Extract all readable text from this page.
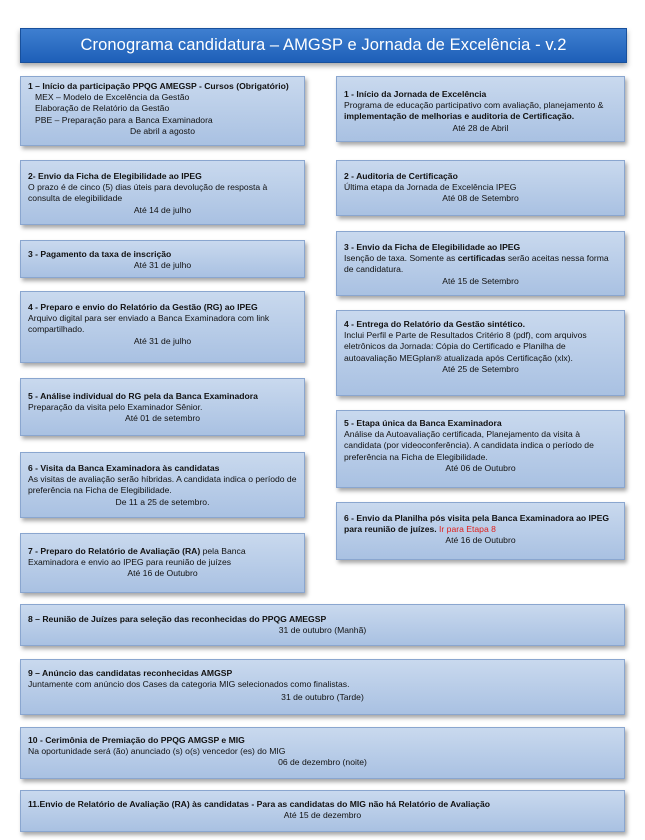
Cronograma candidatura – AMGSP e Jornada de Excelência - v.2
1 – Início da participação PPQG AMEGSP - Cursos (Obrigatório)
MEX – Modelo de Excelência da Gestão
Elaboração de Relatório da Gestão
PBE – Preparação para a Banca Examinadora
De abril a agosto
2- Envio da Ficha de Elegibilidade ao IPEG
O prazo é de cinco (5) dias úteis para devolução de resposta à consulta de elegibilidade
Até 14 de julho
3 - Pagamento da taxa de inscrição
Até 31 de julho
4 - Preparo e envio do Relatório da Gestão (RG) ao IPEG
Arquivo digital para ser enviado a Banca Examinadora com link compartilhado.
Até 31 de julho
5 - Análise individual do RG pela da Banca Examinadora
Preparação da visita pelo Examinador Sênior.
Até 01 de setembro
6 - Visita da Banca Examinadora às candidatas
As visitas de avaliação serão híbridas. A candidata indica o período de preferência na Ficha de Elegibilidade.
De 11 a 25 de setembro.
7 - Preparo do Relatório de Avaliação (RA) pela Banca Examinadora e envio ao IPEG para reunião de juízes
Até 16 de Outubro
1 - Início da Jornada de Excelência
Programa de educação participativo com avaliação, planejamento &
implementação de melhorias e auditoria de Certificação.
Até 28 de Abril
2 - Auditoria de Certificação
Última etapa da Jornada de Excelência IPEG
Até 08 de Setembro
3 - Envio da Ficha de Elegibilidade ao IPEG
Isenção de taxa. Somente as certificadas serão aceitas nessa forma de candidatura.
Até 15 de Setembro
4 - Entrega do Relatório da Gestão sintético.
Inclui Perfil e Parte de Resultados Critério 8 (pdf), com arquivos eletrônicos da Jornada: Cópia do Certificado e Planilha de autoavaliação MEGplan® atualizada após Certificação (xlx).
Até 25 de Setembro
5 - Etapa única da Banca Examinadora
Análise da Autoavaliação certificada, Planejamento da visita à candidata (por videoconferência). A candidata indica o período de preferência na Ficha de Elegibilidade.
Até 06 de Outubro
6 - Envio da Planilha pós visita pela Banca Examinadora ao IPEG para reunião de juízes. Ir para Etapa 8
Até 16 de Outubro
8 – Reunião de Juízes para seleção das reconhecidas do PPQG AMEGSP
31 de outubro (Manhã)
9 – Anúncio das candidatas reconhecidas AMGSP
Juntamente com anúncio dos Cases da categoria MIG selecionados como finalistas.
31 de outubro (Tarde)
10 - Cerimônia de Premiação do PPQG AMGSP e MIG
Na oportunidade será (ão) anunciado (s) o(s) vencedor (es) do MIG
06 de dezembro (noite)
11.Envio de Relatório de Avaliação (RA) às candidatas - Para as candidatas do MIG não há Relatório de Avaliação
Até 15 de dezembro
